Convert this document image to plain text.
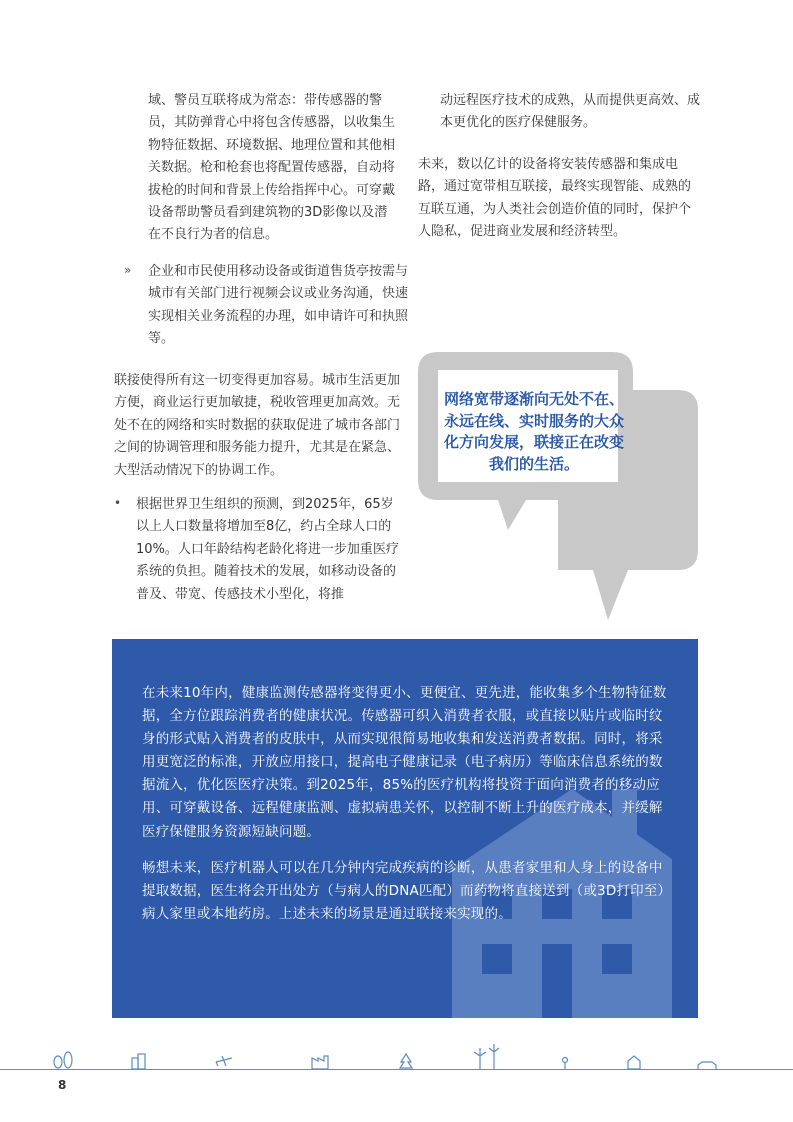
域、警员互联将成为常态：带传感器的警员，其防弹背心中将包含传感器，以收集生物特征数据、环境数据、地理位置和其他相关数据。枪和枪套也将配置传感器，自动将拔枪的时间和背景上传给指挥中心。可穿戴设备帮助警员看到建筑物的3D影像以及潜在不良行为者的信息。

» 企业和市民使用移动设备或街道售货亭按需与城市有关部门进行视频会议或业务沟通，快速实现相关业务流程的办理，如申请许可和执照等。

联接使得所有这一切变得更加容易。城市生活更加方便，商业运行更加敏捷，税收管理更加高效。无处不在的网络和实时数据的获取促进了城市各部门之间的协调管理和服务能力提升，尤其是在紧急、大型活动情况下的协调工作。

• 根据世界卫生组织的预测，到2025年，65岁以上人口数量将增加至8亿，约占全球人口的10%。人口年龄结构老龄化将进一步加重医疗系统的负担。随着技术的发展，如移动设备的普及、带宽、传感技术小型化，将推

动远程医疗技术的成熟，从而提供更高效、成本更优化的医疗保健服务。

未来，数以亿计的设备将安装传感器和集成电路，通过宽带相互联接，最终实现智能、成熟的互联互通，为人类社会创造价值的同时，保护个人隐私，促进商业发展和经济转型。

网络宽带逐渐向无处不在、永远在线、实时服务的大众化方向发展，联接正在改变我们的生活。

在未来10年内，健康监测传感器将变得更小、更便宜、更先进，能收集多个生物特征数据，全方位跟踪消费者的健康状况。传感器可织入消费者衣服，或直接以贴片或临时纹身的形式贴入消费者的皮肤中，从而实现很简易地收集和发送消费者数据。同时，将采用更宽泛的标准，开放应用接口，提高电子健康记录（电子病历）等临床信息系统的数据流入，优化医医疗决策。到2025年，85%的医疗机构将投资于面向消费者的移动应用、可穿戴设备、远程健康监测、虚拟病患关怀，以控制不断上升的医疗成本，并缓解医疗保健服务资源短缺问题。

畅想未来，医疗机器人可以在几分钟内完成疾病的诊断，从患者家里和人身上的设备中提取数据，医生将会开出处方（与病人的DNA匹配）而药物将直接送到（或3D打印至）病人家里或本地药房。上述未来的场景是通过联接来实现的。

8
